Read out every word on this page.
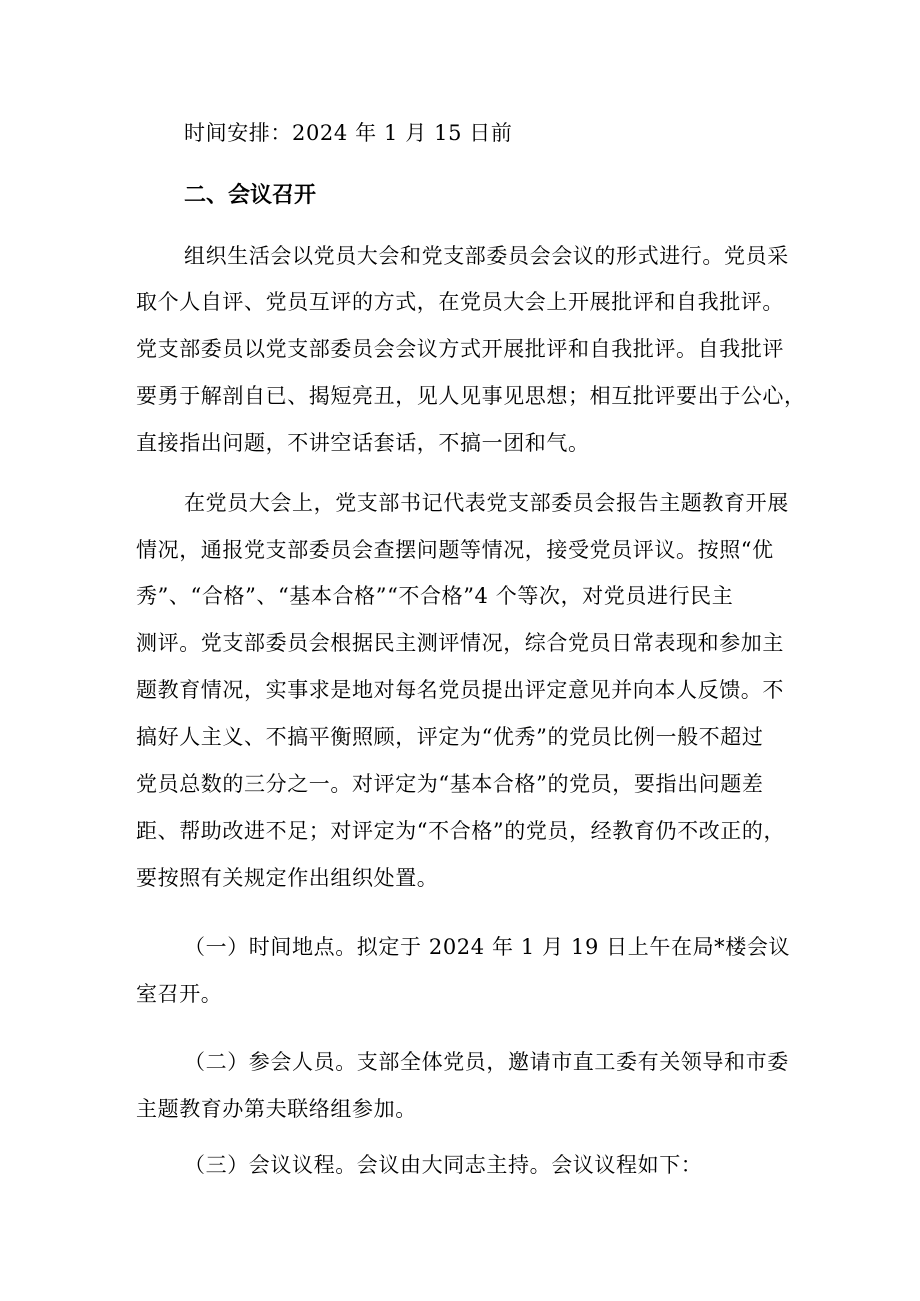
时间安排：2024 年 1 月 15 日前
二、会议召开
组织生活会以党员大会和党支部委员会会议的形式进行。党员采
取个人自评、党员互评的方式，在党员大会上开展批评和自我批评。
党支部委员以党支部委员会会议方式开展批评和自我批评。自我批评
要勇于解剖自已、揭短亮丑，见人见事见思想；相互批评要出于公心，
直接指出问题，不讲空话套话，不搞一团和气。
在党员大会上，党支部书记代表党支部委员会报告主题教育开展
情况，通报党支部委员会查摆问题等情况，接受党员评议。按照“优
秀”、“合格”、“基本合格”“不合格”4 个等次，对党员进行民主
测评。党支部委员会根据民主测评情况，综合党员日常表现和参加主
题教育情况，实事求是地对每名党员提出评定意见并向本人反馈。不
搞好人主义、不搞平衡照顾，评定为“优秀”的党员比例一般不超过
党员总数的三分之一。对评定为“基本合格”的党员，要指出问题差
距、帮助改进不足；对评定为“不合格”的党员，经教育仍不改正的，
要按照有关规定作出组织处置。
（一）时间地点。拟定于 2024 年 1 月 19 日上午在局*楼会议
室召开。
（二）参会人员。支部全体党员，邀请市直工委有关领导和市委
主题教育办第夫联络组参加。
（三）会议议程。会议由大同志主持。会议议程如下：
